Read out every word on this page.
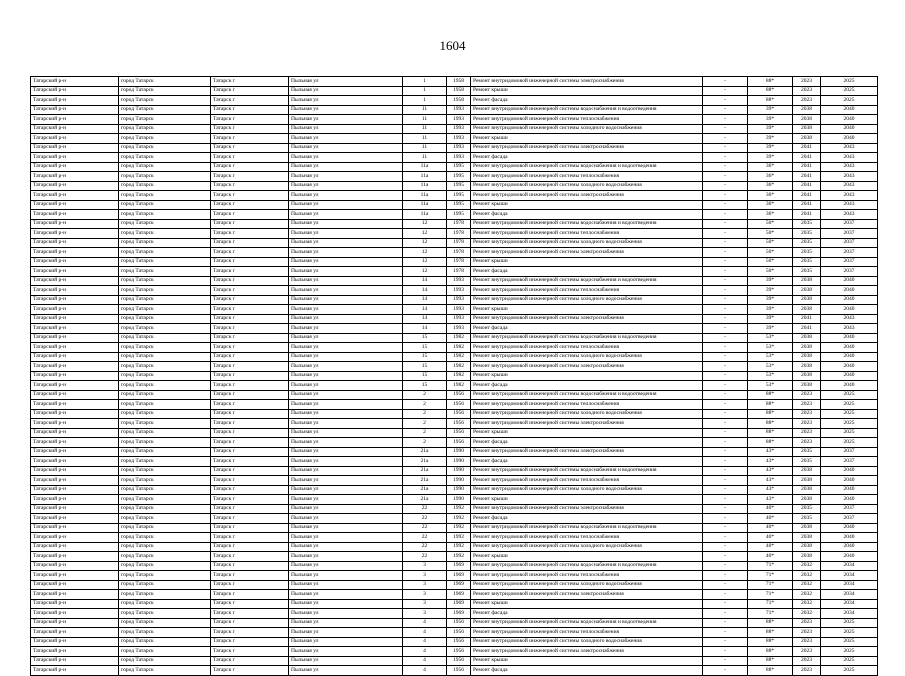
1604
Татарский р-н	город Татарск	Татарск г	Пыльная ул	1	1958	Ремонт внутридомовой инженерной системы электроснабжения	-	88*	2023	2025
Татарский р-н	город Татарск	Татарск г	Пыльная ул	1	1958	Ремонт крыши	-	88*	2023	2025
Татарский р-н	город Татарск	Татарск г	Пыльная ул	1	1958	Ремонт фасада	-	88*	2023	2025
Татарский р-н	город Татарск	Татарск г	Пыльная ул	11	1993	Ремонт внутридомовой инженерной системы водоснабжения и водоотведения	-	39*	2038	2040
Татарский р-н	город Татарск	Татарск г	Пыльная ул	11	1993	Ремонт внутридомовой инженерной системы теплоснабжения	-	39*	2038	2040
Татарский р-н	город Татарск	Татарск г	Пыльная ул	11	1993	Ремонт внутридомовой инженерной системы холодного водоснабжения	-	39*	2038	2040
Татарский р-н	город Татарск	Татарск г	Пыльная ул	11	1993	Ремонт крыши	-	39*	2038	2040
Татарский р-н	город Татарск	Татарск г	Пыльная ул	11	1993	Ремонт внутридомовой инженерной системы электроснабжения	-	39*	2041	2043
Татарский р-н	город Татарск	Татарск г	Пыльная ул	11	1993	Ремонт фасада	-	39*	2041	2043
Татарский р-н	город Татарск	Татарск г	Пыльная ул	11а	1995	Ремонт внутридомовой инженерной системы водоснабжения и водоотведения	-	36*	2041	2043
Татарский р-н	город Татарск	Татарск г	Пыльная ул	11а	1995	Ремонт внутридомовой инженерной системы теплоснабжения	-	36*	2041	2043
Татарский р-н	город Татарск	Татарск г	Пыльная ул	11а	1995	Ремонт внутридомовой инженерной системы холодного водоснабжения	-	36*	2041	2043
Татарский р-н	город Татарск	Татарск г	Пыльная ул	11а	1995	Ремонт внутридомовой инженерной системы электроснабжения	-	36*	2041	2043
Татарский р-н	город Татарск	Татарск г	Пыльная ул	11а	1995	Ремонт крыши	-	36*	2041	2043
Татарский р-н	город Татарск	Татарск г	Пыльная ул	11а	1995	Ремонт фасада	-	36*	2041	2043
Татарский р-н	город Татарск	Татарск г	Пыльная ул	12	1978	Ремонт внутридомовой инженерной системы водоснабжения и водоотведения	-	50*	2035	2037
Татарский р-н	город Татарск	Татарск г	Пыльная ул	12	1978	Ремонт внутридомовой инженерной системы теплоснабжения	-	50*	2035	2037
Татарский р-н	город Татарск	Татарск г	Пыльная ул	12	1978	Ремонт внутридомовой инженерной системы холодного водоснабжения	-	50*	2035	2037
Татарский р-н	город Татарск	Татарск г	Пыльная ул	12	1978	Ремонт внутридомовой инженерной системы электроснабжения	-	50*	2035	2037
Татарский р-н	город Татарск	Татарск г	Пыльная ул	12	1978	Ремонт крыши	-	50*	2035	2037
Татарский р-н	город Татарск	Татарск г	Пыльная ул	12	1978	Ремонт фасада	-	50*	2035	2037
Татарский р-н	город Татарск	Татарск г	Пыльная ул	14	1993	Ремонт внутридомовой инженерной системы водоснабжения и водоотведения	-	39*	2038	2040
Татарский р-н	город Татарск	Татарск г	Пыльная ул	14	1993	Ремонт внутридомовой инженерной системы теплоснабжения	-	39*	2038	2040
Татарский р-н	город Татарск	Татарск г	Пыльная ул	14	1993	Ремонт внутридомовой инженерной системы холодного водоснабжения	-	39*	2038	2040
Татарский р-н	город Татарск	Татарск г	Пыльная ул	14	1993	Ремонт крыши	-	39*	2038	2040
Татарский р-н	город Татарск	Татарск г	Пыльная ул	14	1993	Ремонт внутридомовой инженерной системы электроснабжения	-	39*	2041	2043
Татарский р-н	город Татарск	Татарск г	Пыльная ул	14	1993	Ремонт фасада	-	39*	2041	2043
Татарский р-н	город Татарск	Татарск г	Пыльная ул	15	1982	Ремонт внутридомовой инженерной системы водоснабжения и водоотведения	-	53*	2038	2040
Татарский р-н	город Татарск	Татарск г	Пыльная ул	15	1982	Ремонт внутридомовой инженерной системы теплоснабжения	-	53*	2038	2040
Татарский р-н	город Татарск	Татарск г	Пыльная ул	15	1982	Ремонт внутридомовой инженерной системы холодного водоснабжения	-	53*	2038	2040
Татарский р-н	город Татарск	Татарск г	Пыльная ул	15	1982	Ремонт внутридомовой инженерной системы электроснабжения	-	53*	2038	2040
Татарский р-н	город Татарск	Татарск г	Пыльная ул	15	1982	Ремонт крыши	-	53*	2038	2040
Татарский р-н	город Татарск	Татарск г	Пыльная ул	15	1982	Ремонт фасада	-	53*	2038	2040
Татарский р-н	город Татарск	Татарск г	Пыльная ул	2	1956	Ремонт внутридомовой инженерной системы водоснабжения и водоотведения	-	88*	2023	2025
Татарский р-н	город Татарск	Татарск г	Пыльная ул	2	1956	Ремонт внутридомовой инженерной системы теплоснабжения	-	88*	2023	2025
Татарский р-н	город Татарск	Татарск г	Пыльная ул	2	1956	Ремонт внутридомовой инженерной системы холодного водоснабжения	-	88*	2023	2025
Татарский р-н	город Татарск	Татарск г	Пыльная ул	2	1956	Ремонт внутридомовой инженерной системы электроснабжения	-	88*	2023	2025
Татарский р-н	город Татарск	Татарск г	Пыльная ул	2	1956	Ремонт крыши	-	88*	2023	2025
Татарский р-н	город Татарск	Татарск г	Пыльная ул	2	1956	Ремонт фасада	-	88*	2023	2025
Татарский р-н	город Татарск	Татарск г	Пыльная ул	21а	1990	Ремонт внутридомовой инженерной системы электроснабжения	-	43*	2035	2037
Татарский р-н	город Татарск	Татарск г	Пыльная ул	21а	1990	Ремонт фасада	-	43*	2035	2037
Татарский р-н	город Татарск	Татарск г	Пыльная ул	21а	1990	Ремонт внутридомовой инженерной системы водоснабжения и водоотведения	-	43*	2038	2040
Татарский р-н	город Татарск	Татарск г	Пыльная ул	21а	1990	Ремонт внутридомовой инженерной системы теплоснабжения	-	43*	2038	2040
Татарский р-н	город Татарск	Татарск г	Пыльная ул	21а	1990	Ремонт внутридомовой инженерной системы холодного водоснабжения	-	43*	2038	2040
Татарский р-н	город Татарск	Татарск г	Пыльная ул	21а	1990	Ремонт крыши	-	43*	2038	2040
Татарский р-н	город Татарск	Татарск г	Пыльная ул	22	1992	Ремонт внутридомовой инженерной системы электроснабжения	-	40*	2035	2037
Татарский р-н	город Татарск	Татарск г	Пыльная ул	22	1992	Ремонт фасада	-	40*	2035	2037
Татарский р-н	город Татарск	Татарск г	Пыльная ул	22	1992	Ремонт внутридомовой инженерной системы водоснабжения и водоотведения	-	40*	2038	2040
Татарский р-н	город Татарск	Татарск г	Пыльная ул	22	1992	Ремонт внутридомовой инженерной системы теплоснабжения	-	40*	2038	2040
Татарский р-н	город Татарск	Татарск г	Пыльная ул	22	1992	Ремонт внутридомовой инженерной системы холодного водоснабжения	-	40*	2038	2040
Татарский р-н	город Татарск	Татарск г	Пыльная ул	22	1992	Ремонт крыши	-	40*	2038	2040
Татарский р-н	город Татарск	Татарск г	Пыльная ул	3	1969	Ремонт внутридомовой инженерной системы водоснабжения и водоотведения	-	71*	2032	2034
Татарский р-н	город Татарск	Татарск г	Пыльная ул	3	1969	Ремонт внутридомовой инженерной системы теплоснабжения	-	71*	2032	2034
Татарский р-н	город Татарск	Татарск г	Пыльная ул	3	1969	Ремонт внутридомовой инженерной системы холодного водоснабжения	-	71*	2032	2034
Татарский р-н	город Татарск	Татарск г	Пыльная ул	3	1969	Ремонт внутридомовой инженерной системы электроснабжения	-	71*	2032	2034
Татарский р-н	город Татарск	Татарск г	Пыльная ул	3	1969	Ремонт крыши	-	71*	2032	2034
Татарский р-н	город Татарск	Татарск г	Пыльная ул	3	1969	Ремонт фасада	-	71*	2032	2034
Татарский р-н	город Татарск	Татарск г	Пыльная ул	4	1956	Ремонт внутридомовой инженерной системы водоснабжения и водоотведения	-	88*	2023	2025
Татарский р-н	город Татарск	Татарск г	Пыльная ул	4	1956	Ремонт внутридомовой инженерной системы теплоснабжения	-	88*	2023	2025
Татарский р-н	город Татарск	Татарск г	Пыльная ул	4	1956	Ремонт внутридомовой инженерной системы холодного водоснабжения	-	88*	2023	2025
Татарский р-н	город Татарск	Татарск г	Пыльная ул	4	1956	Ремонт внутридомовой инженерной системы электроснабжения	-	88*	2023	2025
Татарский р-н	город Татарск	Татарск г	Пыльная ул	4	1956	Ремонт крыши	-	88*	2023	2025
Татарский р-н	город Татарск	Татарск г	Пыльная ул	4	1956	Ремонт фасада	-	88*	2023	2025
